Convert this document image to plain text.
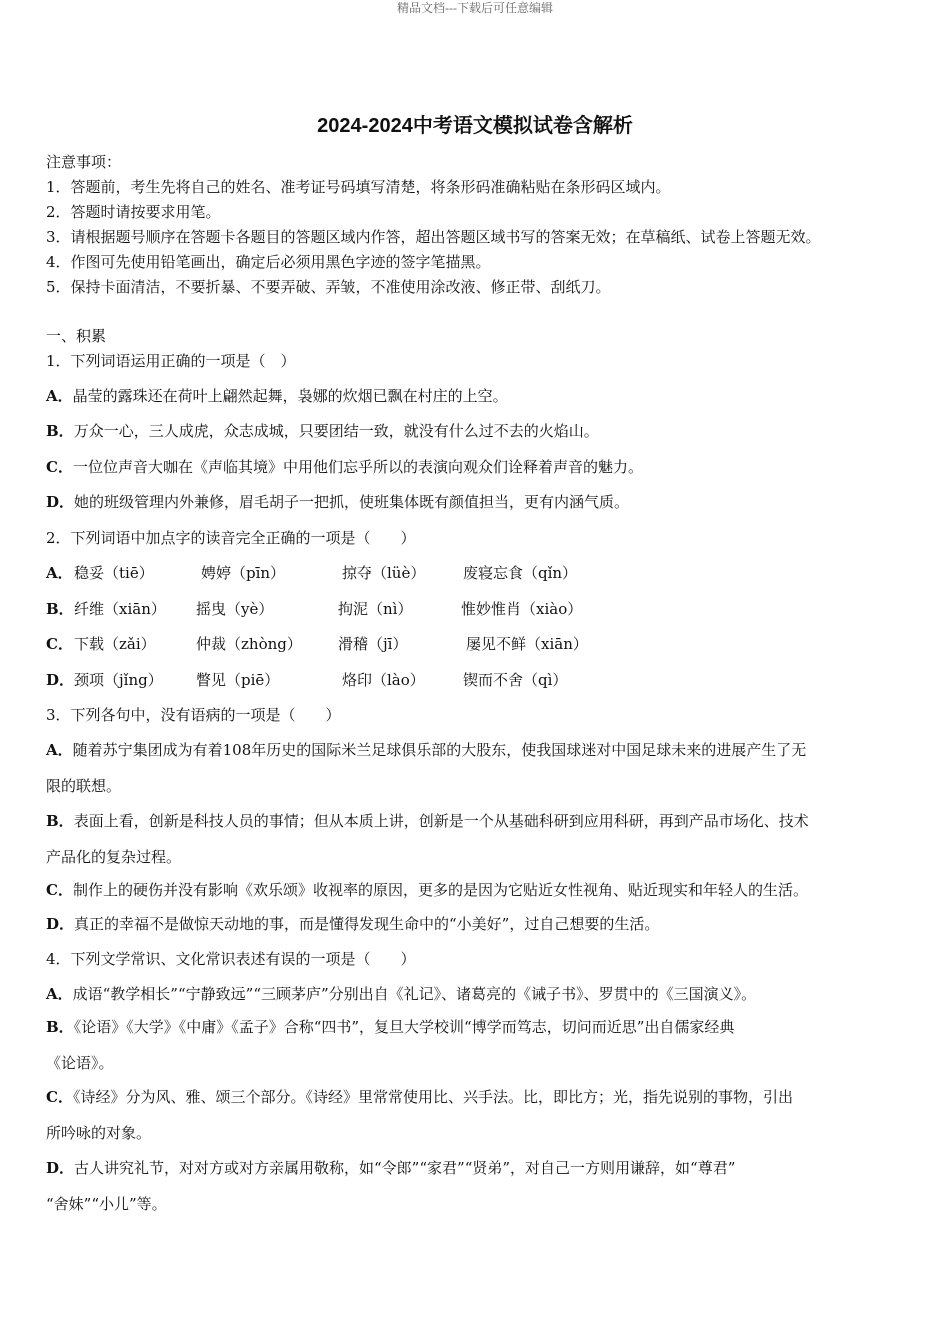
精品文档---下载后可任意编辑
2024-2024中考语文模拟试卷含解析
注意事项：
1．答题前，考生先将自己的姓名、准考证号码填写清楚，将条形码准确粘贴在条形码区域内。
2．答题时请按要求用笔。
3．请根据题号顺序在答题卡各题目的答题区域内作答，超出答题区域书写的答案无效；在草稿纸、试卷上答题无效。
4．作图可先使用铅笔画出，确定后必须用黑色字迹的签字笔描黑。
5．保持卡面清洁，不要折暴、不要弄破、弄皱，不准使用涂改液、修正带、刮纸刀。
一、积累
1．下列词语运用正确的一项是（　）
A．晶莹的露珠还在荷叶上翩然起舞，袅娜的炊烟已飘在村庄的上空。
B．万众一心，三人成虎，众志成城，只要团结一致，就没有什么过不去的火焰山。
C．一位位声音大咖在《声临其境》中用他们忘乎所以的表演向观众们诠释着声音的魅力。
D．她的班级管理内外兼修，眉毛胡子一把抓，使班集体既有颜值担当，更有内涵气质。
2．下列词语中加点字的读音完全正确的一项是（　　）
A． 稳妥（tiē）	娉婷（pīn）	掠夺（lüè）	废寝忘食（qǐn）
B． 纤维（xiān） 摇曳（yè）	拘泥（nì）	惟妙惟肖（xiào）
C． 下载（zǎi）	仲裁（zhòng） 滑稽（jī）	屡见不鲜（xiān）
D． 颈项（jǐng） 瞥见（piē）	烙印（lào）	锲而不舍（qì）
3．下列各句中，没有语病的一项是（　　）
A．随着苏宁集团成为有着108年历史的国际米兰足球俱乐部的大股东，使我国球迷对中国足球未来的进展产生了无
限的联想。
B．表面上看，创新是科技人员的事情；但从本质上讲，创新是一个从基础科研到应用科研，再到产品市场化、技术
产品化的复杂过程。
C．制作上的硬伤并没有影响《欢乐颂》收视率的原因，更多的是因为它贴近女性视角、贴近现实和年轻人的生活。
D．真正的幸福不是做惊天动地的事，而是懂得发现生命中的“小美好”，过自己想要的生活。
4．下列文学常识、文化常识表述有误的一项是（　　）
A．成语“教学相长”“宁静致远”“三顾茅庐”分别出自《礼记》、诸葛亮的《诫子书》、罗贯中的《三国演义》。
B．《论语》《大学》《中庸》《孟子》合称“四书”，复旦大学校训“博学而笃志，切问而近思”出自儒家经典
《论语》。
C．《诗经》分为风、雅、颂三个部分。《诗经》里常常使用比、兴手法。比，即比方；光，指先说别的事物，引出
所吟咏的对象。
D．古人讲究礼节，对对方或对方亲属用敬称，如“令郎”“家君”“贤弟”，对自己一方则用谦辞，如“尊君”
“舍妹”“小儿”等。
